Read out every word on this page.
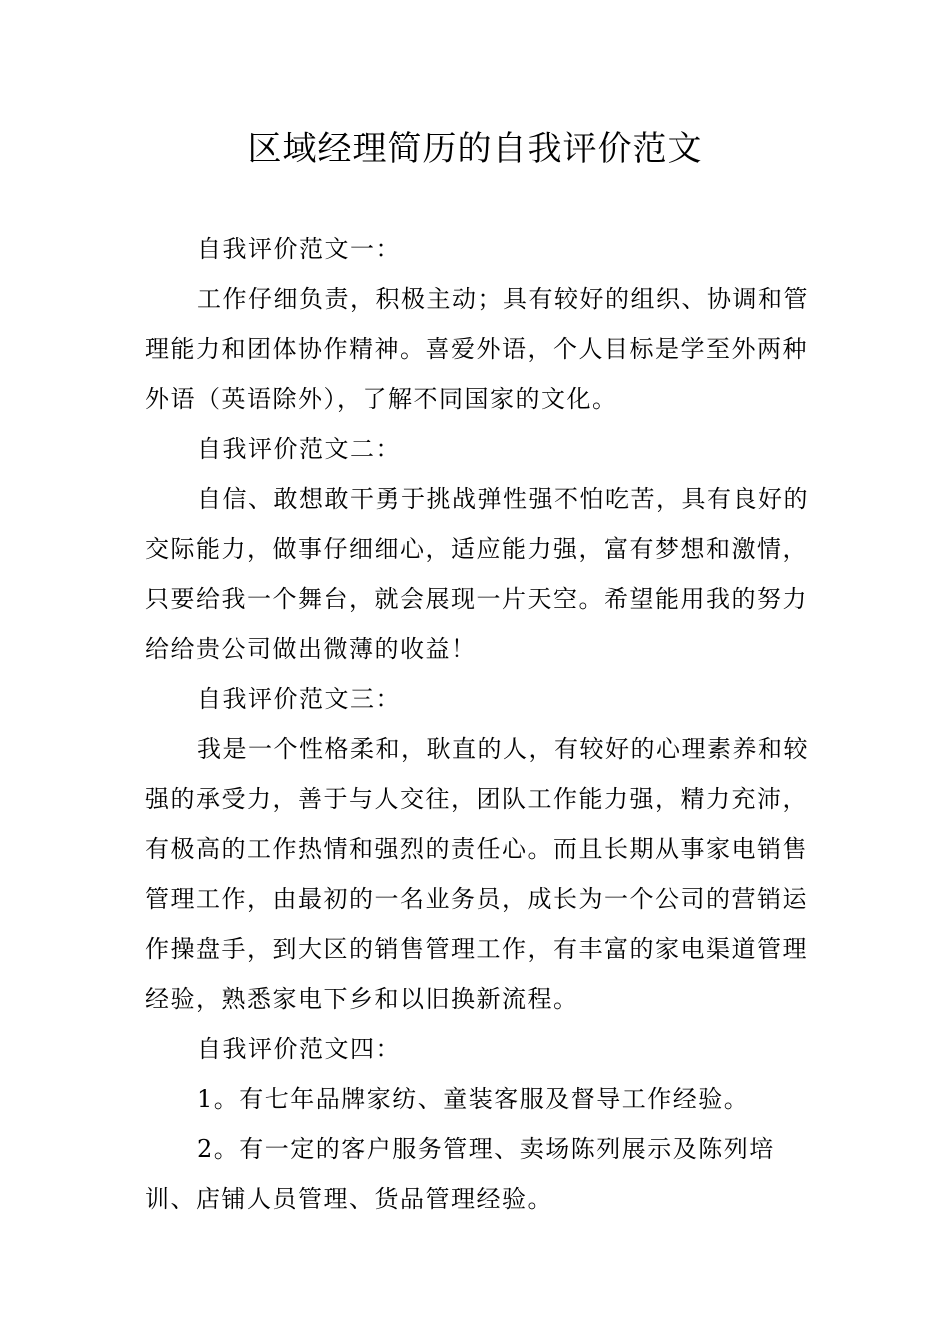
区域经理简历的自我评价范文

自我评价范文一：

工作仔细负责，积极主动；具有较好的组织、协调和管理能力和团体协作精神。喜爱外语，个人目标是学至外两种外语（英语除外），了解不同国家的文化。

自我评价范文二：

自信、敢想敢干勇于挑战弹性强不怕吃苦，具有良好的交际能力，做事仔细细心，适应能力强，富有梦想和激情，只要给我一个舞台，就会展现一片天空。希望能用我的努力给给贵公司做出微薄的收益！

自我评价范文三：

我是一个性格柔和，耿直的人，有较好的心理素养和较强的承受力，善于与人交往，团队工作能力强，精力充沛，有极高的工作热情和强烈的责任心。而且长期从事家电销售管理工作，由最初的一名业务员，成长为一个公司的营销运作操盘手，到大区的销售管理工作，有丰富的家电渠道管理经验，熟悉家电下乡和以旧换新流程。

自我评价范文四：

1。有七年品牌家纺、童装客服及督导工作经验。

2。有一定的客户服务管理、卖场陈列展示及陈列培训、店铺人员管理、货品管理经验。
